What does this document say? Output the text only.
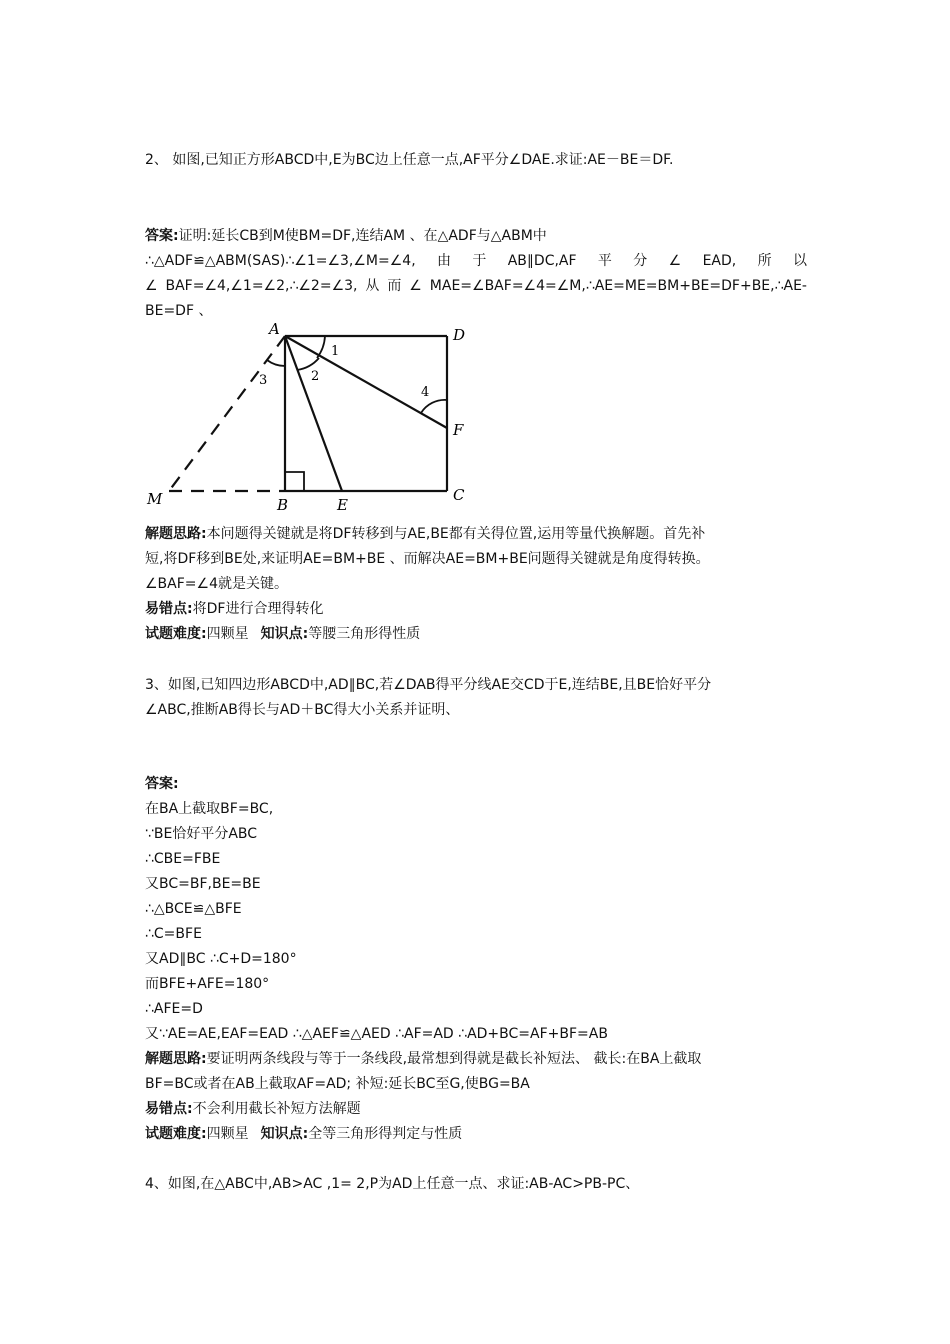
2、 如图,已知正方形ABCD中,E为BC边上任意一点,AF平分∠DAE.求证:AE－BE＝DF.
答案:证明:延长CB到M使BM=DF,连结AM 、在△ADF与△ABM中
∴△ADF≌△ABM(SAS)∴∠1=∠3,∠M=∠4, 由 于 AB∥DC,AF 平 分 ∠ EAD, 所 以
∠ BAF=∠4,∠1=∠2,∴∠2=∠3, 从 而 ∠ MAE=∠BAF=∠4=∠M,∴AE=ME=BM+BE=DF+BE,∴AE-
BE=DF 、
解题思路:本问题得关键就是将DF转移到与AE,BE都有关得位置,运用等量代换解题。首先补
短,将DF移到BE处,来证明AE=BM+BE 、而解决AE=BM+BE问题得关键就是角度得转换。
∠BAF=∠4就是关键。
易错点:将DF进行合理得转化
试题难度:四颗星 知识点:等腰三角形得性质
3、如图,已知四边形ABCD中,AD∥BC,若∠DAB得平分线AE交CD于E,连结BE,且BE恰好平分
∠ABC,推断AB得长与AD＋BC得大小关系并证明、
答案:
在BA上截取BF=BC,
∵BE恰好平分ABC
∴CBE=FBE
又BC=BF,BE=BE
∴△BCE≌△BFE
∴C=BFE
又AD∥BC ∴C+D=180°
而BFE+AFE=180°
∴AFE=D
又∵AE=AE,EAF=EAD ∴△AEF≌△AED ∴AF=AD ∴AD+BC=AF+BF=AB
解题思路:要证明两条线段与等于一条线段,最常想到得就是截长补短法、 截长:在BA上截取
BF=BC或者在AB上截取AF=AD; 补短:延长BC至G,使BG=BA
易错点:不会利用截长补短方法解题
试题难度:四颗星 知识点:全等三角形得判定与性质
4、如图,在△ABC中,AB>AC ,1= 2,P为AD上任意一点、求证:AB-AC>PB-PC、
A	D
F
C
E
B
M
1
2
3
4
